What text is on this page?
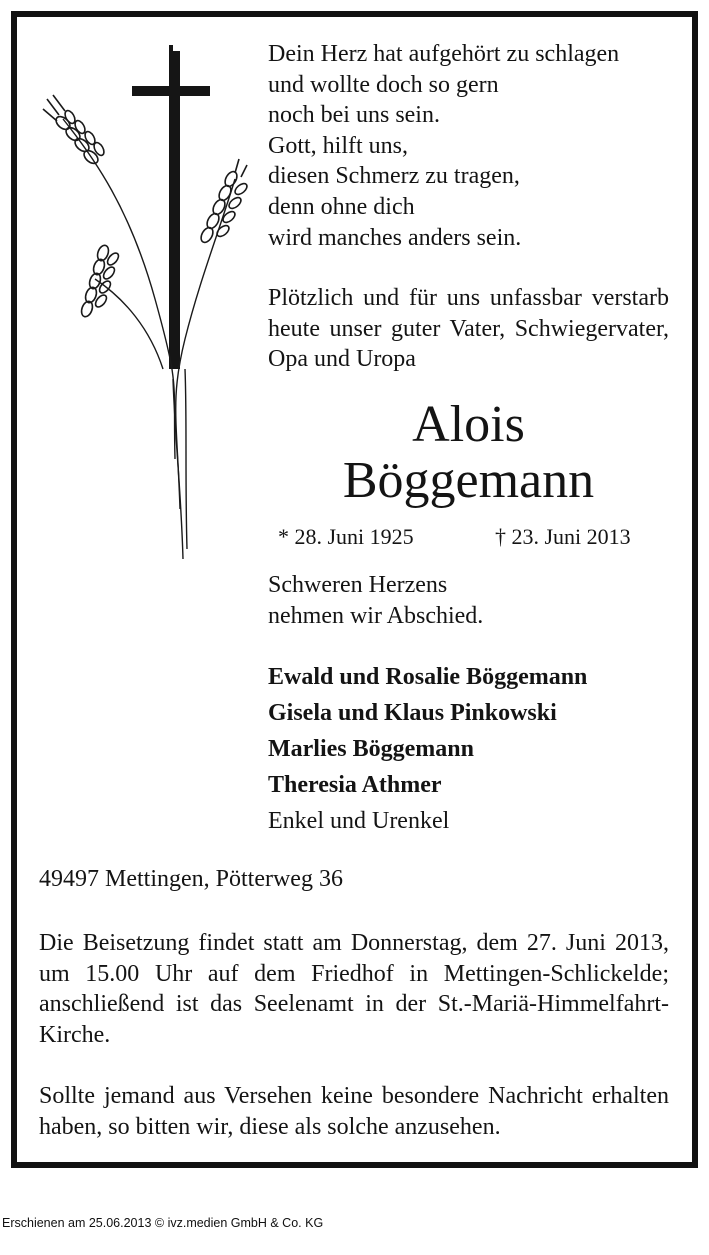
Dein Herz hat aufgehört zu schlagen
und wollte doch so gern
noch bei uns sein.
Gott, hilft uns,
diesen Schmerz zu tragen,
denn ohne dich
wird manches anders sein.

Plötzlich und für uns unfassbar verstarb heute unser guter Vater, Schwiegervater, Opa und Uropa

Alois
Böggemann
* 28. Juni 1925	† 23. Juni 2013
Schweren Herzens
nehmen wir Abschied.
Ewald und Rosalie Böggemann
Gisela und Klaus Pinkowski
Marlies Böggemann
Theresia Athmer
Enkel und Urenkel
49497 Mettingen, Pötterweg 36

Die Beisetzung findet statt am Donnerstag, dem 27. Juni 2013, um 15.00 Uhr auf dem Friedhof in Mettingen-Schlickelde; anschließend ist das Seelenamt in der St.-Mariä-Himmelfahrt-Kirche.

Sollte jemand aus Versehen keine besondere Nachricht erhalten haben, so bitten wir, diese als solche anzusehen.

Erschienen am 25.06.2013 © ivz.medien GmbH & Co. KG
